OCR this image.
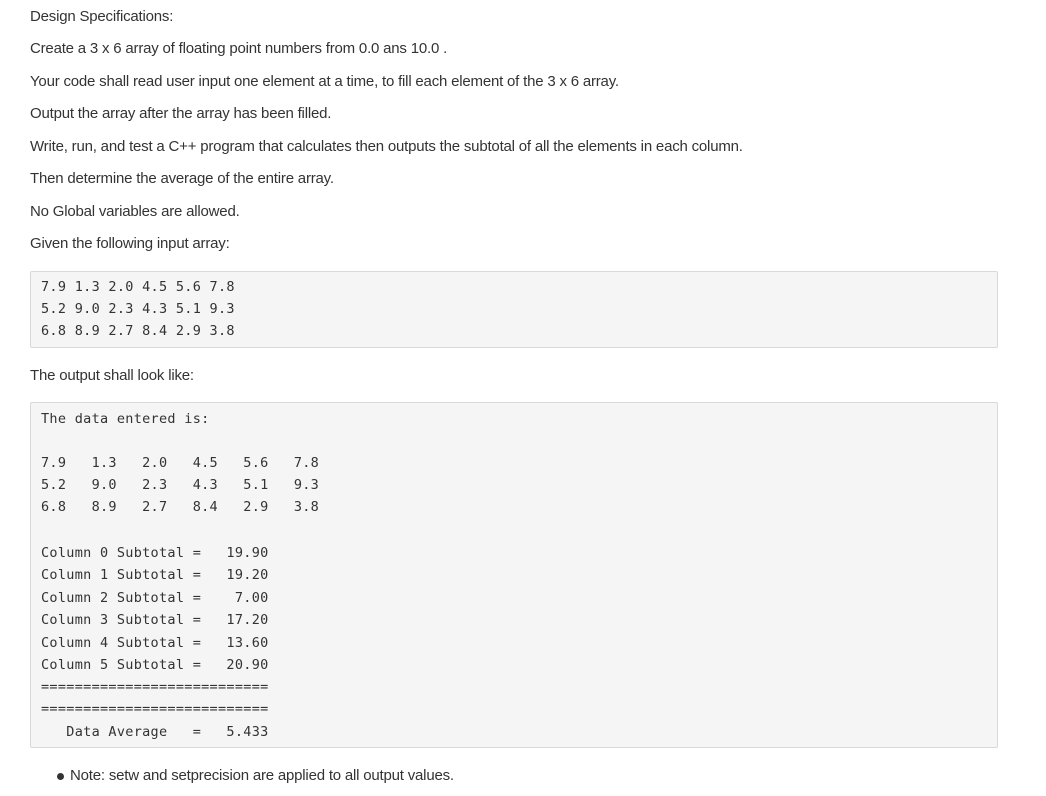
Design Specifications:

Create a 3 x 6 array of floating point numbers from 0.0 ans 10.0 .

Your code shall read user input one element at a time, to fill each element of the 3 x 6 array.

Output the array after the array has been filled.

Write, run, and test a C++ program that calculates then outputs the subtotal of all the elements in each column.

Then determine the average of the entire array.

No Global variables are allowed.

Given the following input array:

7.9 1.3 2.0 4.5 5.6 7.8
5.2 9.0 2.3 4.3 5.1 9.3
6.8 8.9 2.7 8.4 2.9 3.8

The output shall look like:

The data entered is:
7.9   1.3   2.0   4.5   5.6   7.8
5.2   9.0   2.3   4.3   5.1   9.3
6.8   8.9   2.7   8.4   2.9   3.8
Column 0 Subtotal =   19.90
Column 1 Subtotal =   19.20
Column 2 Subtotal =    7.00
Column 3 Subtotal =   17.20
Column 4 Subtotal =   13.60
Column 5 Subtotal =   20.90
===========================
===========================
Data Average   =   5.433
Note: setw and setprecision are applied to all output values.
